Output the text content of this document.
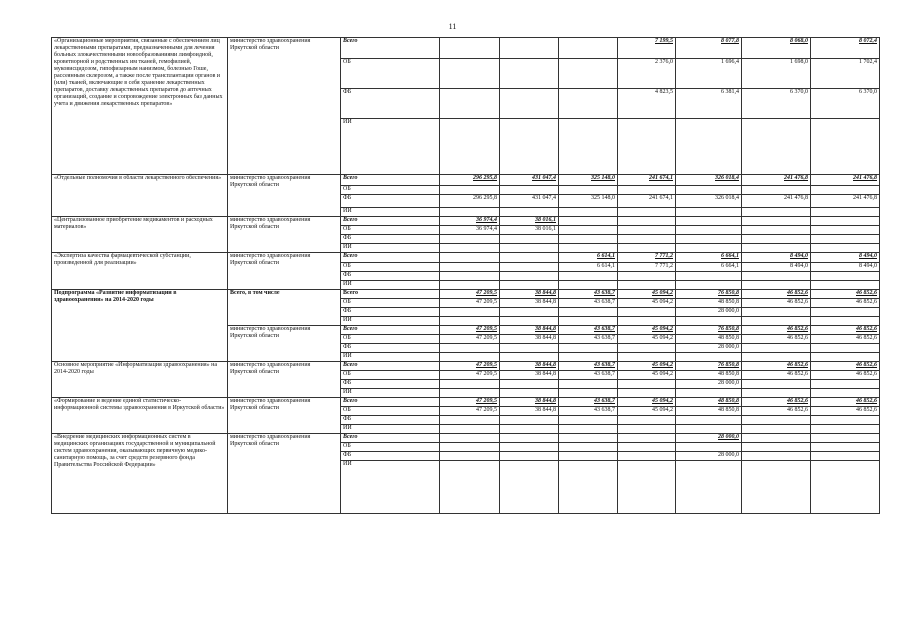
11
«Организационные мероприятия, связанные с обеспечением лиц лекарственными препаратами, предназначенными для лечения больных злокачественными новообразованиями лимфоидной, кроветворной и родственных им тканей, гемофилией, муковисцидозом, гипофизарным нанизмом, болезнью Гоше, рассеянным склерозом, а также после трансплантации органов и (или) тканей, включающие в себя хранение лекарственных препаратов, доставку лекарственных препаратов до аптечных организаций, создание и сопровождение электронных баз данных учета и движения лекарственных препаратов»	министерство здравоохранения Иркутской области	Всего				7 199,5	8 077,8	8 068,0	8 072,4
		ОБ				2 376,0	1 696,4	1 698,0	1 702,4
		ФБ				4 823,5	6 381,4	6 370,0	6 370,0
		ИИ							
«Отдельные полномочия в области лекарственного обеспечения»	министерство здравоохранения Иркутской области	Всего	296 295,8	431 047,4	325 148,0	241 674,1	326 018,4	241 476,8	241 476,8
		ОБ							
		ФБ	296 295,8	431 047,4	325 148,0	241 674,1	326 018,4	241 476,8	241 476,8
		ИИ							
«Централизованное приобретение медикаментов и расходных материалов»	министерство здравоохранения Иркутской области	Всего	36 974,4	38 016,1					
		ОБ	36 974,4	38 016,1					
		ФБ							
		ИИ							
«Экспертиза качества фармацевтической субстанции, произведенной для реализации»	министерство здравоохранения Иркутской области	Всего			6 614,1	7 771,2	6 664,1	8 494,0	8 494,0
		ОБ			6 614,1	7 771,2	6 664,1	8 494,0	8 494,0
		ФБ							
		ИИ							
Подпрограмма «Развитие информатизации в здравоохранении» на 2014-2020 годы	Всего, в том числе	Всего	47 209,5	38 844,8	43 638,7	45 094,2	76 850,8	46 852,6	46 852,6
		ОБ	47 209,5	38 844,8	43 638,7	45 094,2	48 850,8	46 852,6	46 852,6
		ФБ					28 000,0		
		ИИ							
	министерство здравоохранения Иркутской области	Всего	47 209,5	38 844,8	43 638,7	45 094,2	76 850,8	46 852,6	46 852,6
		ОБ	47 209,5	38 844,8	43 638,7	45 094,2	48 850,8	46 852,6	46 852,6
		ФБ					28 000,0		
		ИИ							
Основное мероприятие «Информатизация здравоохранения» на 2014-2020 годы	министерство здравоохранения Иркутской области	Всего	47 209,5	38 844,8	43 638,7	45 094,2	76 850,8	46 852,6	46 852,6
		ОБ	47 209,5	38 844,8	43 638,7	45 094,2	48 850,8	46 852,6	46 852,6
		ФБ					28 000,0		
		ИИ							
«Формирование и ведение единой статистическо-информационной системы здравоохранения в Иркутской области»	министерство здравоохранения Иркутской области	Всего	47 209,5	38 844,8	43 638,7	45 094,2	48 850,8	46 852,6	46 852,6
		ОБ	47 209,5	38 844,8	43 638,7	45 094,2	48 850,8	46 852,6	46 852,6
		ФБ							
		ИИ							
«Внедрение медицинских информационных систем в медицинских организациях государственной и муниципальной систем здравоохранения, оказывающих первичную медико-санитарную помощь, за счет средств резервного фонда Правительства Российской Федерации»	министерство здравоохранения Иркутской области	Всего					28 000,0		
		ОБ							
		ФБ					28 000,0		
		ИИ							
